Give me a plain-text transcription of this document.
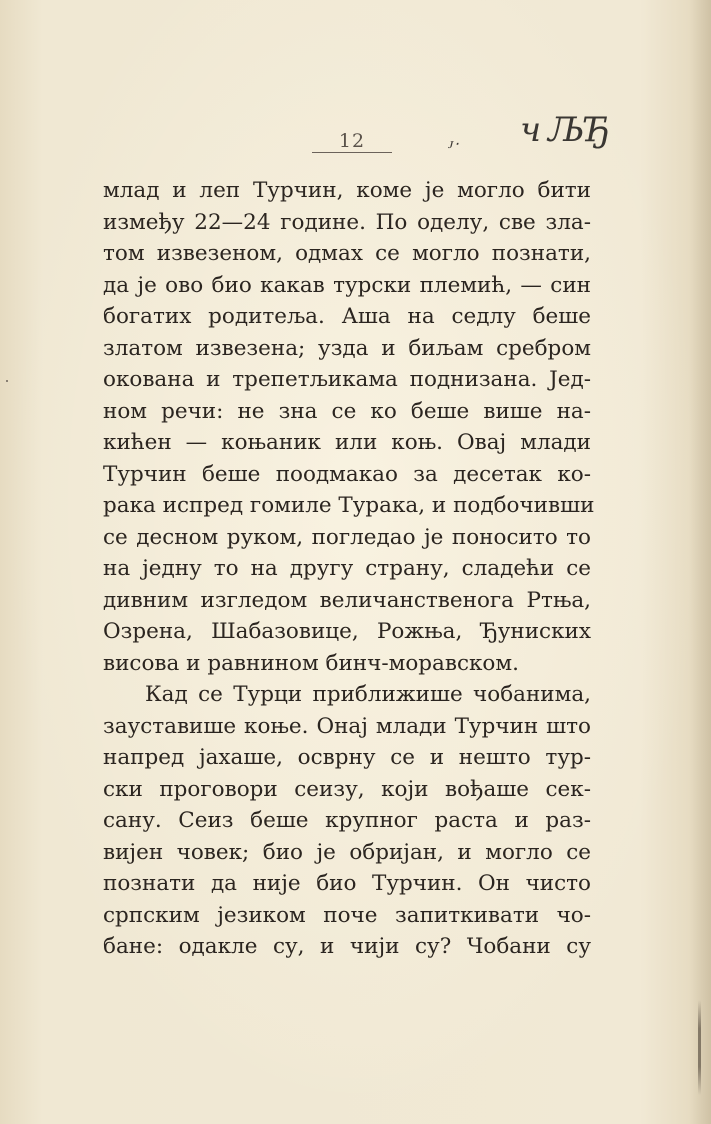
12	ꭻ٠ ч ЉЂ
млад и леп Турчин, коме је могло бити
између 22—24 године. По оделу, све зла-
том извезеном, одмах се могло познати,
да је ово био какав турски племић, — син
богатих родитеља. Аша на седлу беше
златом извезена; узда и биљам сребром
окована и трепетљикама поднизана. Јед-
ном речи: не зна се ко беше више на-
кићен — коњаник или коњ. Овај млади
Турчин беше поодмакао за десетак ко-
рака испред гомиле Турака, и подбочивши
се десном руком, погледао је поносито то
на једну то на другу страну, сладећи се
дивним изгледом величанственога Ртња,
Озрена, Шабазовице, Рожња, Ђуниских
висова и равнином бинч-моравском.
Кад се Турци приближише чобанима,
зауставише коње. Онај млади Турчин што
напред јахаше, осврну се и нешто тур-
ски проговори сеизу, који вођаше сек-
сану. Сеиз беше крупног раста и раз-
вијен човек; био је обријан, и могло се
познати да није био Турчин. Он чисто
српским језиком поче запиткивати чо-
бане: одакле су, и чији су? Чобани су
